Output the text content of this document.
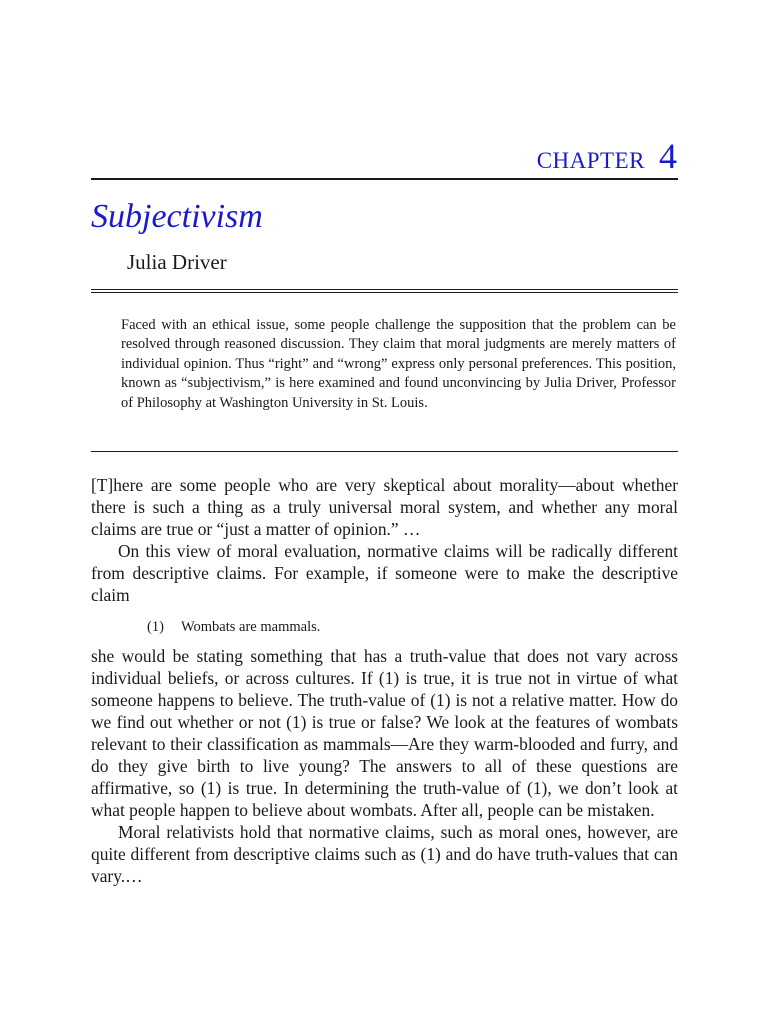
CHAPTER 4
Subjectivism

Julia Driver

Faced with an ethical issue, some people challenge the supposition that the problem can be resolved through reasoned discussion. They claim that moral judgments are merely matters of individual opinion. Thus “right” and “wrong” express only personal preferences. This position, known as “subjectivism,” is here examined and found unconvincing by Julia Driver, Professor of Philosophy at Washington University in St. Louis.

[T]here are some people who are very skeptical about morality—about whether there is such a thing as a truly universal moral system, and whether any moral claims are true or “just a matter of opinion.” …

On this view of moral evaluation, normative claims will be radically different from descriptive claims. For example, if someone were to make the descriptive claim

(1)	Wombats are mammals.

she would be stating something that has a truth-value that does not vary across individual beliefs, or across cultures. If (1) is true, it is true not in virtue of what someone happens to believe. The truth-value of (1) is not a relative matter. How do we find out whether or not (1) is true or false? We look at the features of wombats relevant to their classification as mammals—Are they warm-blooded and furry, and do they give birth to live young? The answers to all of these questions are affirmative, so (1) is true. In determining the truth-value of (1), we don’t look at what people happen to believe about wombats. After all, people can be mistaken.

Moral relativists hold that normative claims, such as moral ones, however, are quite different from descriptive claims such as (1) and do have truth-values that can vary.…
